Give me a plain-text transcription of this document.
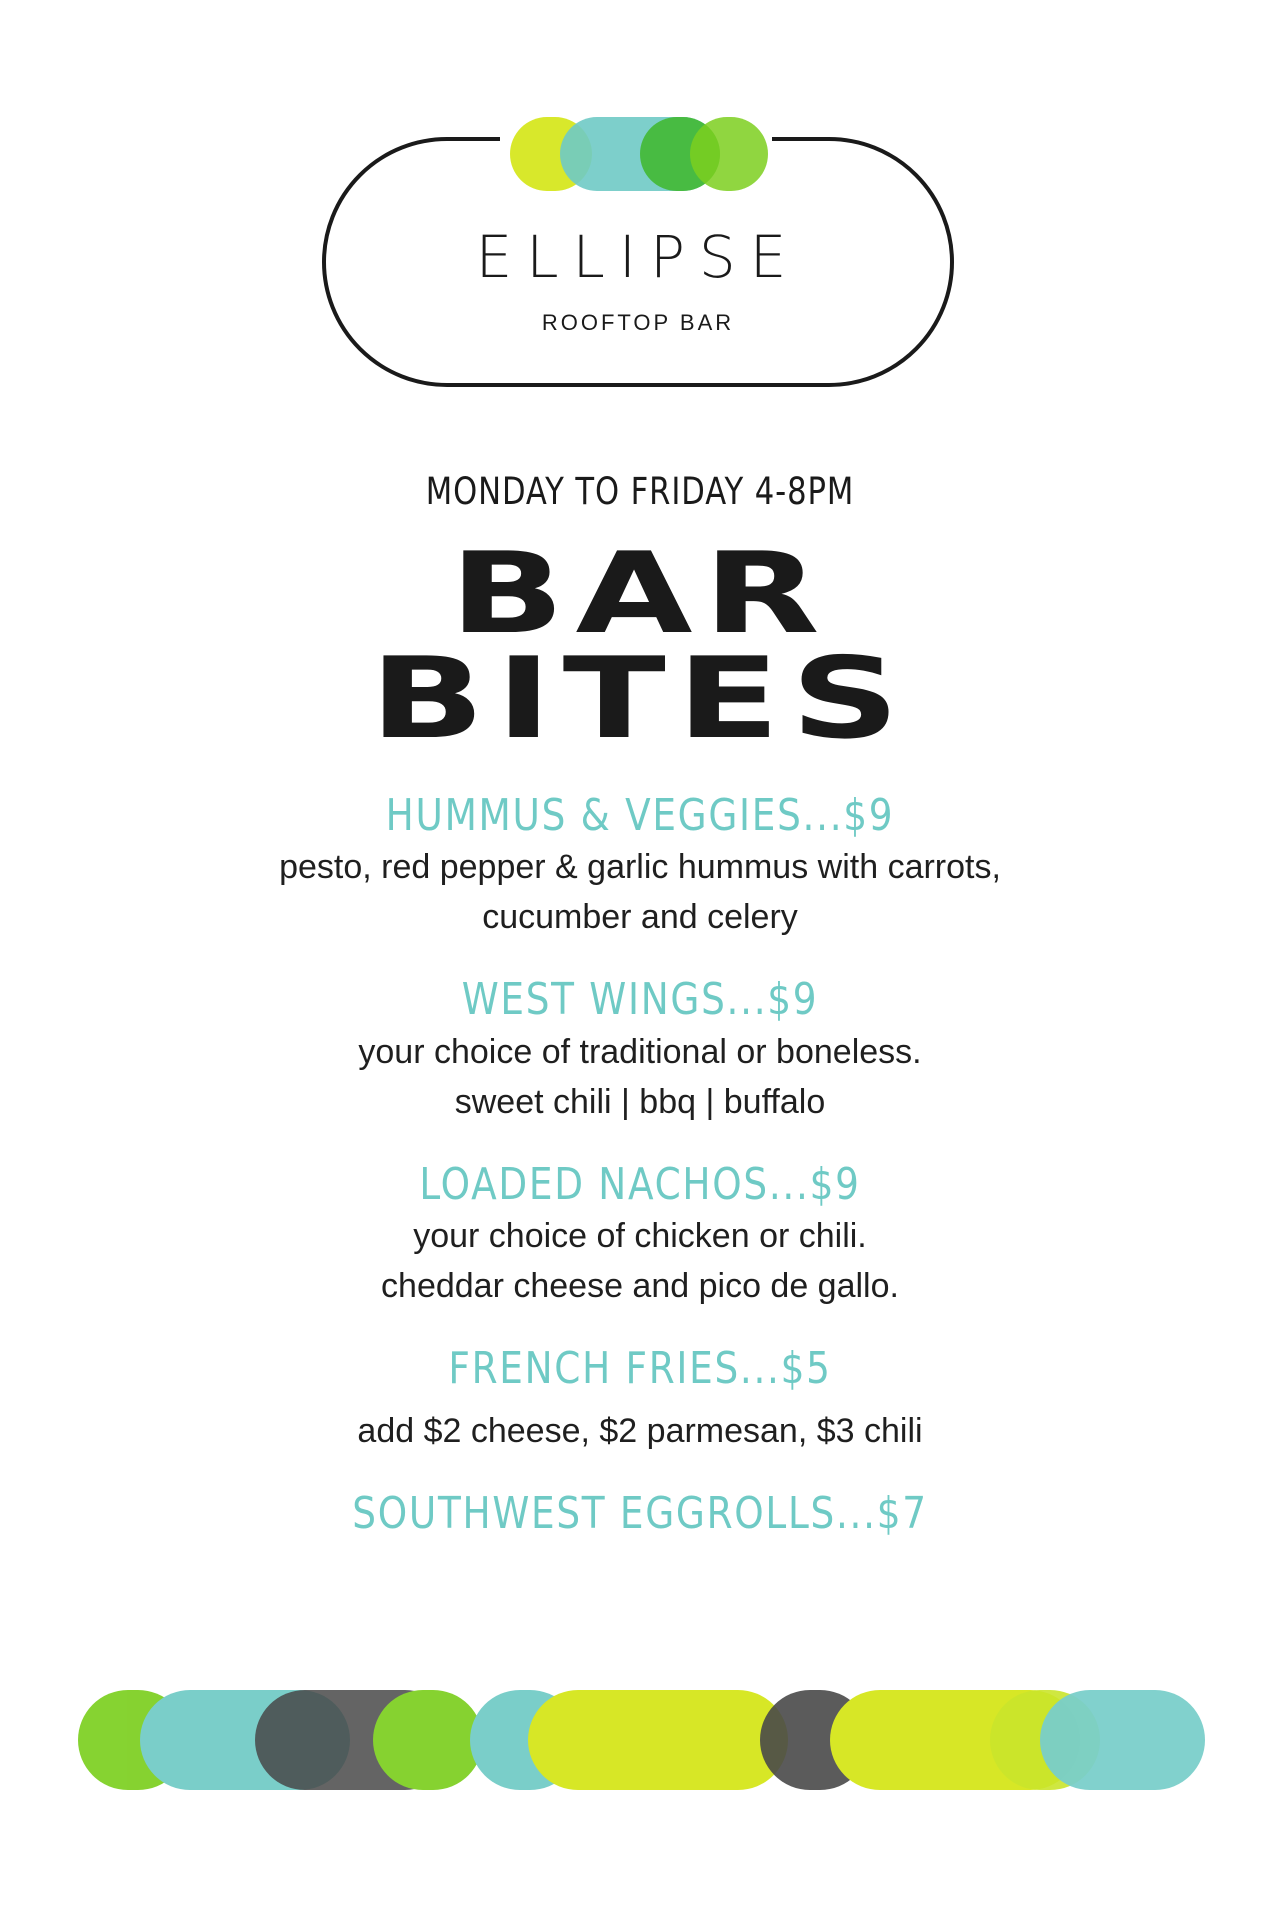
ELLIPSE
ROOFTOP BAR
MONDAY TO FRIDAY 4-8PM
BAR
BITES
HUMMUS & VEGGIES...$9
pesto, red pepper & garlic hummus with carrots,
cucumber and celery
WEST WINGS...$9
your choice of traditional or boneless.
sweet chili | bbq | buffalo
LOADED NACHOS...$9
your choice of chicken or chili.
cheddar cheese and pico de gallo.
FRENCH FRIES...$5
add $2 cheese, $2 parmesan, $3 chili
SOUTHWEST EGGROLLS...$7
